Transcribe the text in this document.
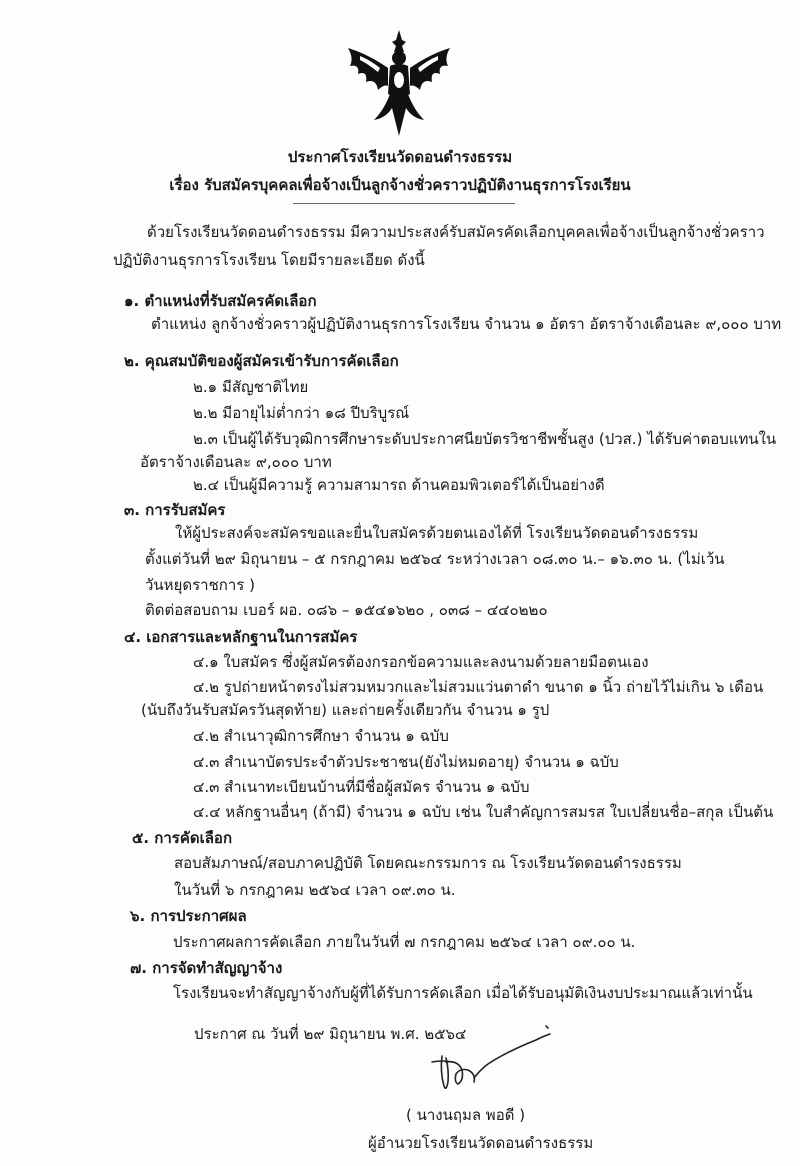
ประกาศโรงเรียนวัดดอนดำรงธรรม
เรื่อง รับสมัครบุคคลเพื่อจ้างเป็นลูกจ้างชั่วคราวปฏิบัติงานธุรการโรงเรียน
ด้วยโรงเรียนวัดดอนดำรงธรรม มีความประสงค์รับสมัครคัดเลือกบุคคลเพื่อจ้างเป็นลูกจ้างชั่วคราว
ปฏิบัติงานธุรการโรงเรียน โดยมีรายละเอียด ดังนี้
๑. ตำแหน่งที่รับสมัครคัดเลือก
ตำแหน่ง ลูกจ้างชั่วคราวผู้ปฏิบัติงานธุรการโรงเรียน จำนวน ๑ อัตรา อัตราจ้างเดือนละ ๙,๐๐๐ บาท
๒. คุณสมบัติของผู้สมัครเข้ารับการคัดเลือก
๒.๑ มีสัญชาติไทย
๒.๒ มีอายุไม่ต่ำกว่า ๑๘ ปีบริบูรณ์
๒.๓ เป็นผู้ได้รับวุฒิการศึกษาระดับประกาศนียบัตรวิชาชีพชั้นสูง (ปวส.) ได้รับค่าตอบแทนใน
อัตราจ้างเดือนละ ๙,๐๐๐ บาท
๒.๔ เป็นผู้มีความรู้ ความสามารถ ด้านคอมพิวเตอร์ได้เป็นอย่างดี
๓. การรับสมัคร
ให้ผู้ประสงค์จะสมัครขอและยื่นใบสมัครด้วยตนเองได้ที่ โรงเรียนวัดดอนดำรงธรรม
ตั้งแต่วันที่ ๒๙ มิถุนายน – ๕ กรกฎาคม ๒๕๖๔ ระหว่างเวลา ๐๘.๓๐ น.– ๑๖.๓๐ น. (ไม่เว้น
วันหยุดราชการ )
ติดต่อสอบถาม เบอร์ ผอ. ๐๘๖ – ๑๕๔๑๖๒๐ , ๐๓๘ – ๔๔๐๒๒๐
๔. เอกสารและหลักฐานในการสมัคร
๔.๑ ใบสมัคร ซึ่งผู้สมัครต้องกรอกข้อความและลงนามด้วยลายมือตนเอง
๔.๒ รูปถ่ายหน้าตรงไม่สวมหมวกและไม่สวมแว่นตาดำ ขนาด ๑ นิ้ว ถ่ายไว้ไม่เกิน ๖ เดือน
(นับถึงวันรับสมัครวันสุดท้าย) และถ่ายครั้งเดียวกัน จำนวน ๑ รูป
๔.๒ สำเนาวุฒิการศึกษา จำนวน ๑ ฉบับ
๔.๓ สำเนาบัตรประจำตัวประชาชน(ยังไม่หมดอายุ) จำนวน ๑ ฉบับ
๔.๓ สำเนาทะเบียนบ้านที่มีชื่อผู้สมัคร จำนวน ๑ ฉบับ
๔.๔ หลักฐานอื่นๆ (ถ้ามี) จำนวน ๑ ฉบับ เช่น ใบสำคัญการสมรส ใบเปลี่ยนชื่อ–สกุล เป็นต้น
๕. การคัดเลือก
สอบสัมภาษณ์/สอบภาคปฏิบัติ โดยคณะกรรมการ ณ โรงเรียนวัดดอนดำรงธรรม
ในวันที่ ๖ กรกฎาคม ๒๕๖๔ เวลา ๐๙.๓๐ น.
๖. การประกาศผล
ประกาศผลการคัดเลือก ภายในวันที่ ๗ กรกฎาคม ๒๕๖๔ เวลา ๐๙.๐๐ น.
๗. การจัดทำสัญญาจ้าง
โรงเรียนจะทำสัญญาจ้างกับผู้ที่ได้รับการคัดเลือก เมื่อได้รับอนุมัติเงินงบประมาณแล้วเท่านั้น
ประกาศ ณ วันที่ ๒๙ มิถุนายน พ.ศ. ๒๕๖๔
( นางนฤมล พอดี )
ผู้อำนวยโรงเรียนวัดดอนดำรงธรรม
